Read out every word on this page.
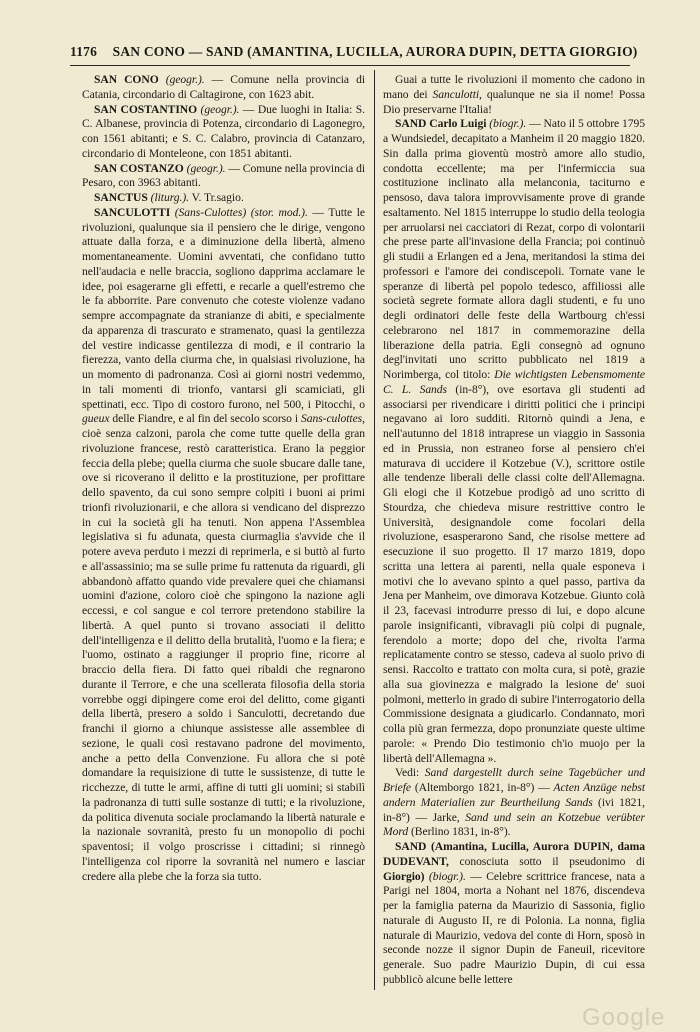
1176 SAN CONO — SAND (AMANTINA, LUCILLA, AURORA DUPIN, DETTA GIORGIO)

SAN CONO (geogr.). — Comune nella provincia di Catania, circondario di Caltagirone, con 1623 abit.

SAN COSTANTINO (geogr.). — Due luoghi in Italia: S. C. Albanese, provincia di Potenza, circondario di Lagonegro, con 1561 abitanti; e S. C. Calabro, provincia di Catanzaro, circondario di Monteleone, con 1851 abitanti.

SAN COSTANZO (geogr.). — Comune nella provincia di Pesaro, con 3963 abitanti.

SANCTUS (liturg.). V. Tr.sagio.

SANCULOTTI (Sans-Culottes) (stor. mod.). — Tutte le rivoluzioni, qualunque sia il pensiero che le dirige, vengono attuate dalla forza, e a diminuzione della libertà, almeno momentaneamente. Uomini avventati, che confidano tutto nell'audacia e nelle braccia, sogliono dapprima acclamare le idee, poi esagerarne gli effetti, e recarle a quell'estremo che le fa abborrite. Pare convenuto che coteste violenze vadano sempre accompagnate da stranianze di abiti, e specialmente da apparenza di trascurato e stramenato, quasi la gentilezza del vestire indicasse gentilezza di modi, e il contrario la fierezza, vanto della ciurma che, in qualsiasi rivoluzione, ha un momento di padronanza. Così ai giorni nostri vedemmo, in tali momenti di trionfo, vantarsi gli scamiciati, gli spettinati, ecc. Tipo di costoro furono, nel 500, i Pitocchi, o gueux delle Fiandre, e al fin del secolo scorso i Sans-culottes, cioè senza calzoni, parola che come tutte quelle della gran rivoluzione francese, restò caratteristica. Erano la peggior feccia della plebe; quella ciurma che suole sbucare dalle tane, ove si ricoverano il delitto e la prostituzione, per profittare dello spavento, da cui sono sempre colpiti i buoni ai primi trionfi rivoluzionarii, e che allora si vendicano del disprezzo in cui la società gli ha tenuti. Non appena l'Assemblea legislativa si fu adunata, questa ciurmaglia s'avvide che il potere aveva perduto i mezzi di reprimerla, e si buttò al furto e all'assassinio; ma se sulle prime fu rattenuta da riguardi, gli abbandonò affatto quando vide prevalere quei che chiamansi uomini d'azione, coloro cioè che spingono la nazione agli eccessi, e col sangue e col terrore pretendono stabilire la libertà. A quel punto si trovano associati il delitto dell'intelligenza e il delitto della brutalità, l'uomo e la fiera; e l'uomo, ostinato a raggiunger il proprio fine, ricorre al braccio della fiera. Di fatto quei ribaldi che regnarono durante il Terrore, e che una scellerata filosofia della storia vorrebbe oggi dipingere come eroi del delitto, come giganti della libertà, presero a soldo i Sanculotti, decretando due franchi il giorno a chiunque assistesse alle assemblee di sezione, le quali così restavano padrone del movimento, anche a petto della Convenzione. Fu allora che si potè domandare la requisizione di tutte le sussistenze, di tutte le ricchezze, di tutte le armi, affine di tutti gli uomini; si stabilì la padronanza di tutti sulle sostanze di tutti; e la rivoluzione, da politica divenuta sociale proclamando la libertà naturale e la nazionale sovranità, presto fu un monopolio di pochi spaventosi; il volgo proscrisse i cittadini; si rinnegò l'intelligenza col riporre la sovranità nel numero e lasciar credere alla plebe che la forza sia tutto.

Guai a tutte le rivoluzioni il momento che cadono in mano dei Sanculotti, qualunque ne sia il nome! Possa Dio preservarne l'Italia!

SAND Carlo Luigi (biogr.). — Nato il 5 ottobre 1795 a Wundsiedel, decapitato a Manheim il 20 maggio 1820. Sin dalla prima gioventù mostrò amore allo studio, condotta eccellente; ma per l'infermiccia sua costituzione inclinato alla melanconia, taciturno e pensoso, dava talora improvvisamente prove di grande esaltamento. Nel 1815 interruppe lo studio della teologia per arruolarsi nei cacciatori di Rezat, corpo di volontarii che prese parte all'invasione della Francia; poi continuò gli studii a Erlangen ed a Jena, meritandosi la stima dei professori e l'amore dei condiscepoli. Tornate vane le speranze di libertà pel popolo tedesco, affiliossi alle società segrete formate allora dagli studenti, e fu uno degli ordinatori delle feste della Wartbourg ch'essi celebrarono nel 1817 in commemorazine della liberazione della patria. Egli consegnò ad ognuno degl'invitati uno scritto pubblicato nel 1819 a Norimberga, col titolo: Die wichtigsten Lebensmomente C. L. Sands (in-8°), ove esortava gli studenti ad associarsi per rivendicare i diritti politici che i principi negavano ai loro sudditi. Ritornò quindi a Jena, e nell'autunno del 1818 intraprese un viaggio in Sassonia ed in Prussia, non estraneo forse al pensiero ch'ei maturava di uccidere il Kotzebue (V.), scrittore ostile alle tendenze liberali delle classi colte dell'Allemagna. Gli elogi che il Kotzebue prodigò ad uno scritto di Stourdza, che chiedeva misure restrittive contro le Università, designandole come focolari della rivoluzione, esasperarono Sand, che risolse mettere ad esecuzione il suo progetto. Il 17 marzo 1819, dopo scritta una lettera ai parenti, nella quale esponeva i motivi che lo avevano spinto a quel passo, partiva da Jena per Manheim, ove dimorava Kotzebue. Giunto colà il 23, facevasi introdurre presso di lui, e dopo alcune parole insignificanti, vibravagli più colpi di pugnale, ferendolo a morte; dopo del che, rivolta l'arma replicatamente contro se stesso, cadeva al suolo privo di sensi. Raccolto e trattato con molta cura, si potè, grazie alla sua giovinezza e malgrado la lesione de' suoi polmoni, metterlo in grado di subire l'interrogatorio della Commissione designata a giudicarlo. Condannato, morì colla più gran fermezza, dopo pronunziate queste ultime parole: « Prendo Dio testimonio ch'io muojo per la libertà dell'Allemagna ».

Vedi: Sand dargestellt durch seine Tagebücher und Briefe (Altemborgo 1821, in-8°) — Acten Anzüge nebst andern Materialien zur Beurtheilung Sands (ivi 1821, in-8°) — Jarke, Sand und sein an Kotzebue verübter Mord (Berlino 1831, in-8°).

SAND (Amantina, Lucilla, Aurora DUPIN, dama DUDEVANT, conosciuta sotto il pseudonimo di Giorgio) (biogr.). — Celebre scrittrice francese, nata a Parigi nel 1804, morta a Nohant nel 1876, discendeva per la famiglia paterna da Maurizio di Sassonia, figlio naturale di Augusto II, re di Polonia. La nonna, figlia naturale di Maurizio, vedova del conte di Horn, sposò in seconde nozze il signor Dupin de Faneuil, ricevitore generale. Suo padre Maurizio Dupin, di cui essa pubblicò alcune belle lettere

Google
